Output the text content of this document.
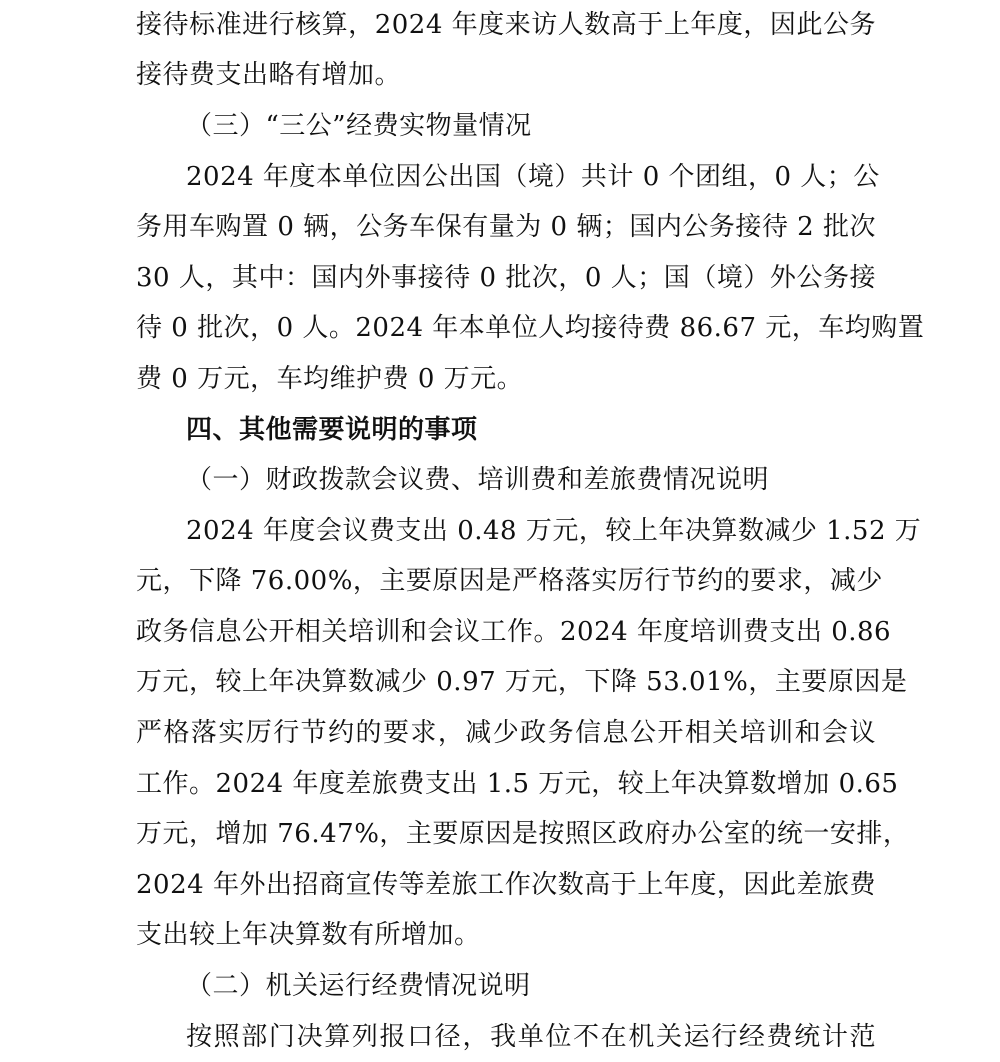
接待标准进行核算，2024 年度来访人数高于上年度，因此公务
接待费支出略有增加。
（三）“三公”经费实物量情况
2024 年度本单位因公出国（境）共计 0 个团组，0 人；公
务用车购置 0 辆，公务车保有量为 0 辆；国内公务接待 2 批次
30 人，其中：国内外事接待 0 批次，0 人；国（境）外公务接
待 0 批次，0 人。2024 年本单位人均接待费 86.67 元，车均购置
费 0 万元，车均维护费 0 万元。
四、其他需要说明的事项
（一）财政拨款会议费、培训费和差旅费情况说明
2024 年度会议费支出 0.48 万元，较上年决算数减少 1.52 万
元，下降 76.00%，主要原因是严格落实厉行节约的要求，减少
政务信息公开相关培训和会议工作。2024 年度培训费支出 0.86
万元，较上年决算数减少 0.97 万元，下降 53.01%，主要原因是
严格落实厉行节约的要求，减少政务信息公开相关培训和会议
工作。2024 年度差旅费支出 1.5 万元，较上年决算数增加 0.65
万元，增加 76.47%，主要原因是按照区政府办公室的统一安排，
2024 年外出招商宣传等差旅工作次数高于上年度，因此差旅费
支出较上年决算数有所增加。
（二）机关运行经费情况说明
按照部门决算列报口径，我单位不在机关运行经费统计范
